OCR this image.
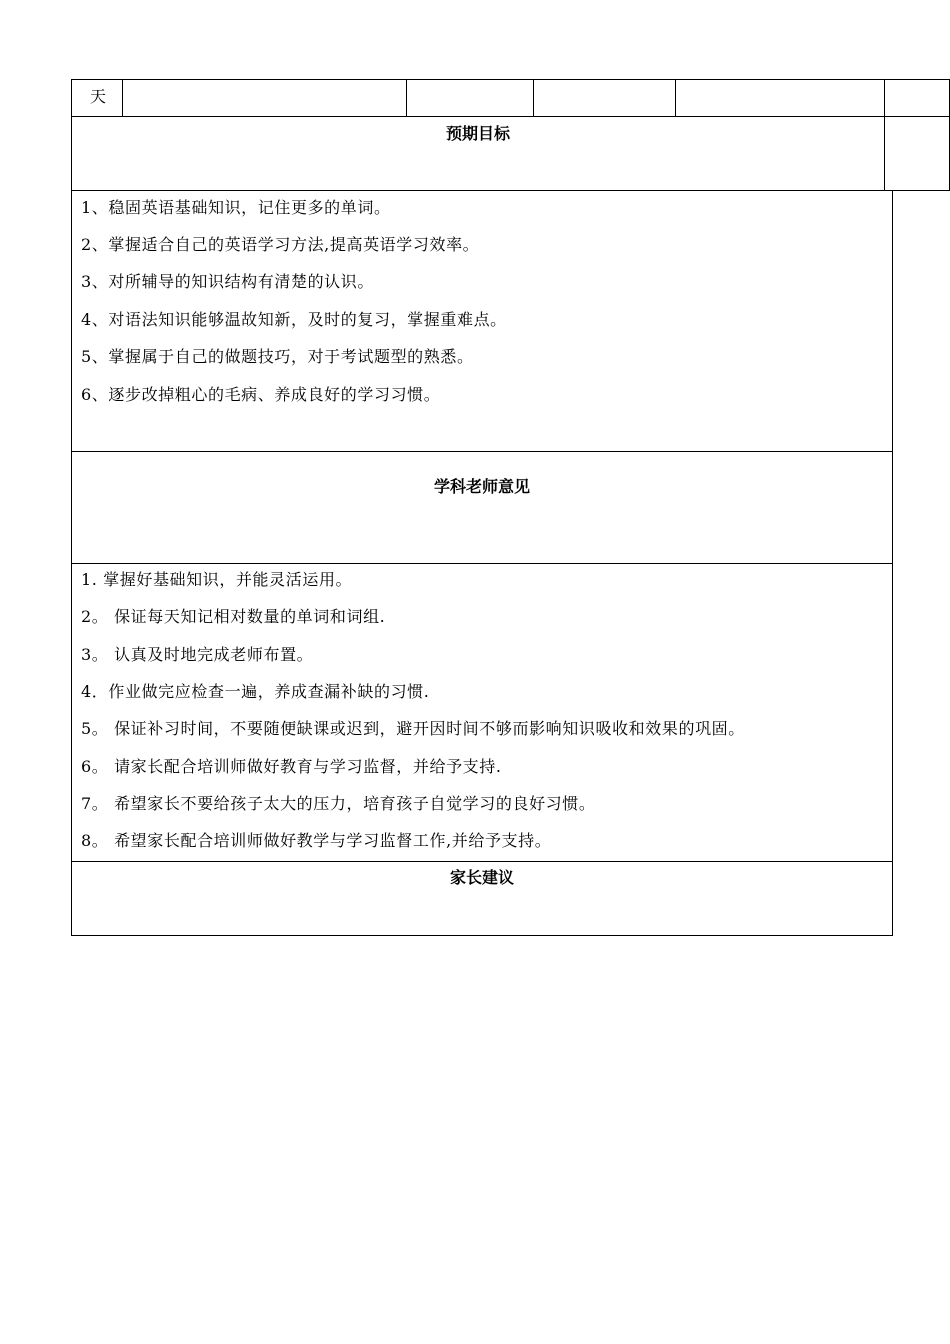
天
预期目标
1、稳固英语基础知识，记住更多的单词。
2、掌握适合自己的英语学习方法,提高英语学习效率。
3、对所辅导的知识结构有清楚的认识。
4、对语法知识能够温故知新，及时的复习，掌握重难点。
5、掌握属于自己的做题技巧，对于考试题型的熟悉。
6、逐步改掉粗心的毛病、养成良好的学习习惯。
学科老师意见
1. 掌握好基础知识，并能灵活运用。
2。 保证每天知记相对数量的单词和词组.
3。 认真及时地完成老师布置。
4．作业做完应检查一遍，养成查漏补缺的习惯.
5。 保证补习时间，不要随便缺课或迟到，避开因时间不够而影响知识吸收和效果的巩固。
6。 请家长配合培训师做好教育与学习监督，并给予支持.
7。 希望家长不要给孩子太大的压力，培育孩子自觉学习的良好习惯。
8。 希望家长配合培训师做好教学与学习监督工作,并给予支持。
家长建议
